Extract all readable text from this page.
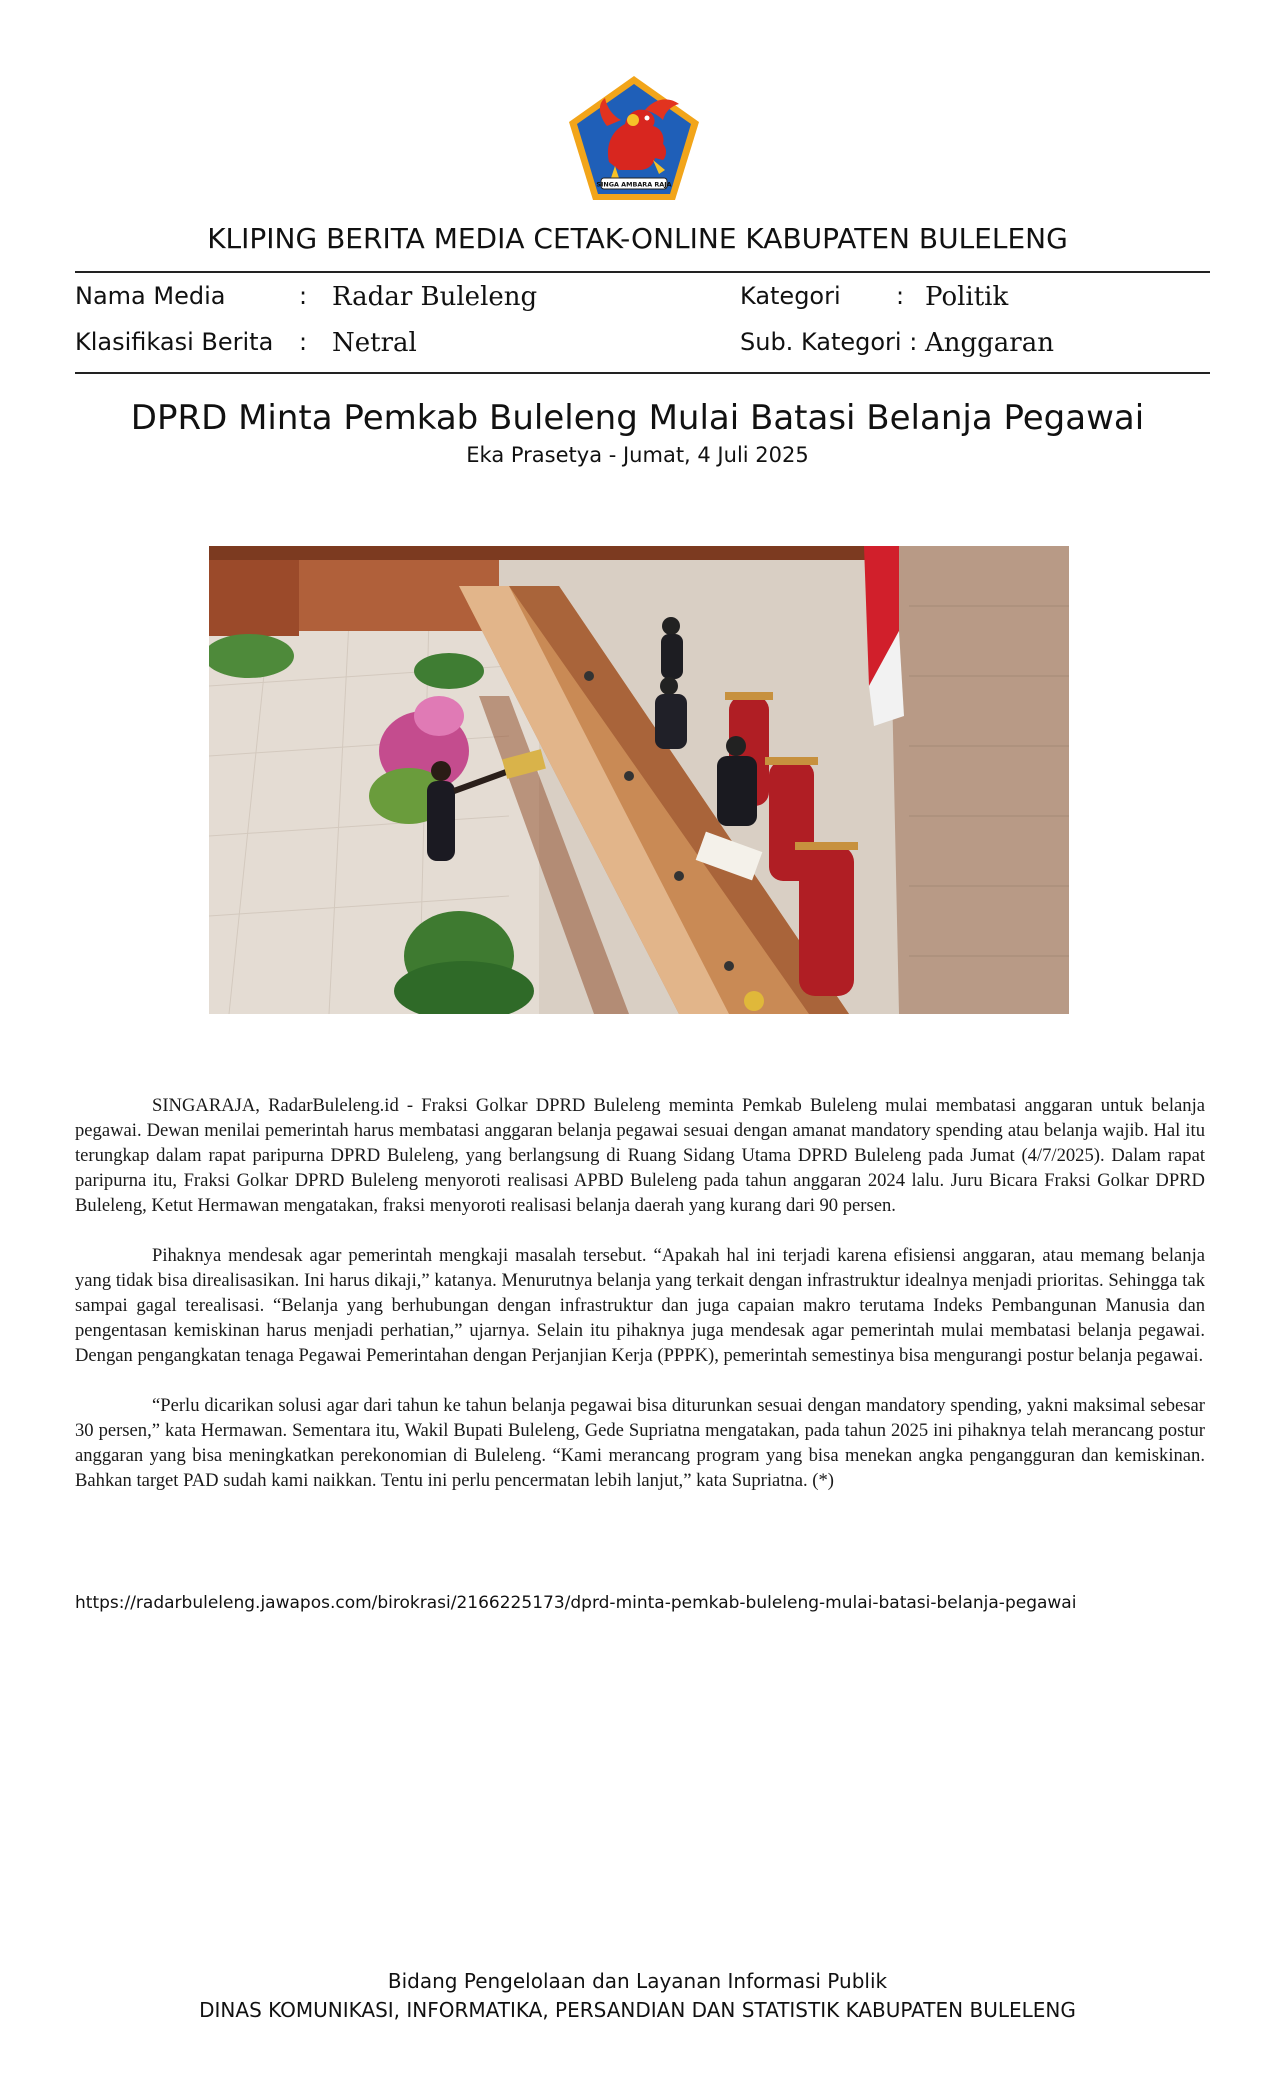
SINGA AMBARA RAJA
KLIPING BERITA MEDIA CETAK-ONLINE KABUPATEN BULELENG
Nama Media	: Radar Buleleng	Kategori : Politik
Klasifikasi Berita : Netral	Sub. Kategori : Anggaran
DPRD Minta Pemkab Buleleng Mulai Batasi Belanja Pegawai
Eka Prasetya - Jumat, 4 Juli 2025

SINGARAJA, RadarBuleleng.id - Fraksi Golkar DPRD Buleleng meminta Pemkab Buleleng mulai membatasi anggaran untuk belanja pegawai. Dewan menilai pemerintah harus membatasi anggaran belanja pegawai sesuai dengan amanat mandatory spending atau belanja wajib. Hal itu terungkap dalam rapat paripurna DPRD Buleleng, yang berlangsung di Ruang Sidang Utama DPRD Buleleng pada Jumat (4/7/2025). Dalam rapat paripurna itu, Fraksi Golkar DPRD Buleleng menyoroti realisasi APBD Buleleng pada tahun anggaran 2024 lalu. Juru Bicara Fraksi Golkar DPRD Buleleng, Ketut Hermawan mengatakan, fraksi menyoroti realisasi belanja daerah yang kurang dari 90 persen.

Pihaknya mendesak agar pemerintah mengkaji masalah tersebut. “Apakah hal ini terjadi karena efisiensi anggaran, atau memang belanja yang tidak bisa direalisasikan. Ini harus dikaji,” katanya. Menurutnya belanja yang terkait dengan infrastruktur idealnya menjadi prioritas. Sehingga tak sampai gagal terealisasi. “Belanja yang berhubungan dengan infrastruktur dan juga capaian makro terutama Indeks Pembangunan Manusia dan pengentasan kemiskinan harus menjadi perhatian,” ujarnya. Selain itu pihaknya juga mendesak agar pemerintah mulai membatasi belanja pegawai. Dengan pengangkatan tenaga Pegawai Pemerintahan dengan Perjanjian Kerja (PPPK), pemerintah semestinya bisa mengurangi postur belanja pegawai.

“Perlu dicarikan solusi agar dari tahun ke tahun belanja pegawai bisa diturunkan sesuai dengan mandatory spending, yakni maksimal sebesar 30 persen,” kata Hermawan. Sementara itu, Wakil Bupati Buleleng, Gede Supriatna mengatakan, pada tahun 2025 ini pihaknya telah merancang postur anggaran yang bisa meningkatkan perekonomian di Buleleng. “Kami merancang program yang bisa menekan angka pengangguran dan kemiskinan. Bahkan target PAD sudah kami naikkan. Tentu ini perlu pencermatan lebih lanjut,” kata Supriatna. (*)

https://radarbuleleng.jawapos.com/birokrasi/2166225173/dprd-minta-pemkab-buleleng-mulai-batasi-belanja-pegawai
Bidang Pengelolaan dan Layanan Informasi Publik
DINAS KOMUNIKASI, INFORMATIKA, PERSANDIAN DAN STATISTIK KABUPATEN BULELENG
